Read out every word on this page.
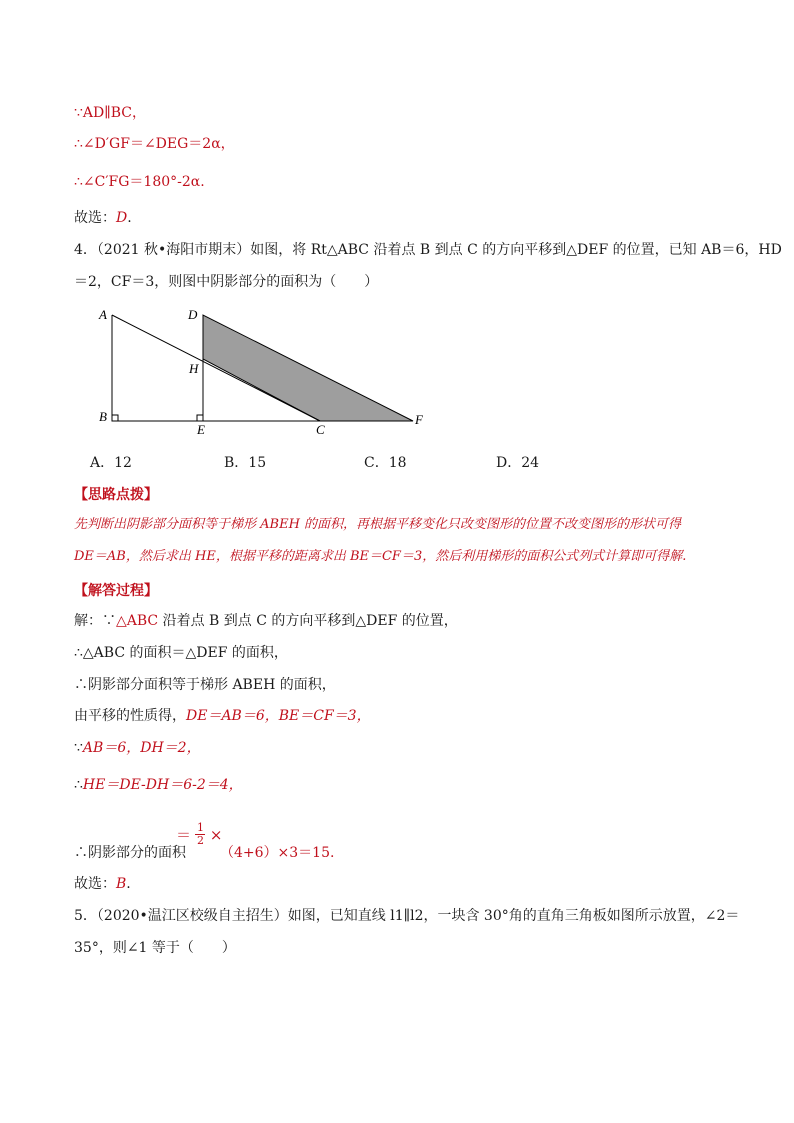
∵AD∥BC，
∴∠D′GF＝∠DEG＝2α，
∴∠C′FG＝180°-2α.
故选：D.
4．（2021 秋•海阳市期末）如图，将 Rt△ABC 沿着点 B 到点 C 的方向平移到△DEF 的位置，已知 AB＝6，HD
＝2，CF＝3，则图中阴影部分的面积为（　　）
A	D
H
B
E	C
F
A．12	B．15	C．18	D．24
【思路点拨】
先判断出阴影部分面积等于梯形 ABEH 的面积，再根据平移变化只改变图形的位置不改变图形的形状可得
DE＝AB，然后求出 HE，根据平移的距离求出 BE＝CF＝3，然后利用梯形的面积公式列式计算即可得解.
【解答过程】
解：∵△ABC 沿着点 B 到点 C 的方向平移到△DEF 的位置，
∴△ABC 的面积＝△DEF 的面积，
∴阴影部分面积等于梯形 ABEH 的面积，
由平移的性质得，DE＝AB＝6，BE＝CF＝3，
∵AB＝6，DH＝2，
∴HE＝DE-DH＝6-2＝4，
＝ $\frac{1}{2}$ ×
∴阴影部分的面积 （4+6）×3＝15.
故选：B.
5．（2020•温江区校级自主招生）如图，已知直线 l1∥l2，一块含 30°角的直角三角板如图所示放置，∠2＝
35°，则∠1 等于（　　）
